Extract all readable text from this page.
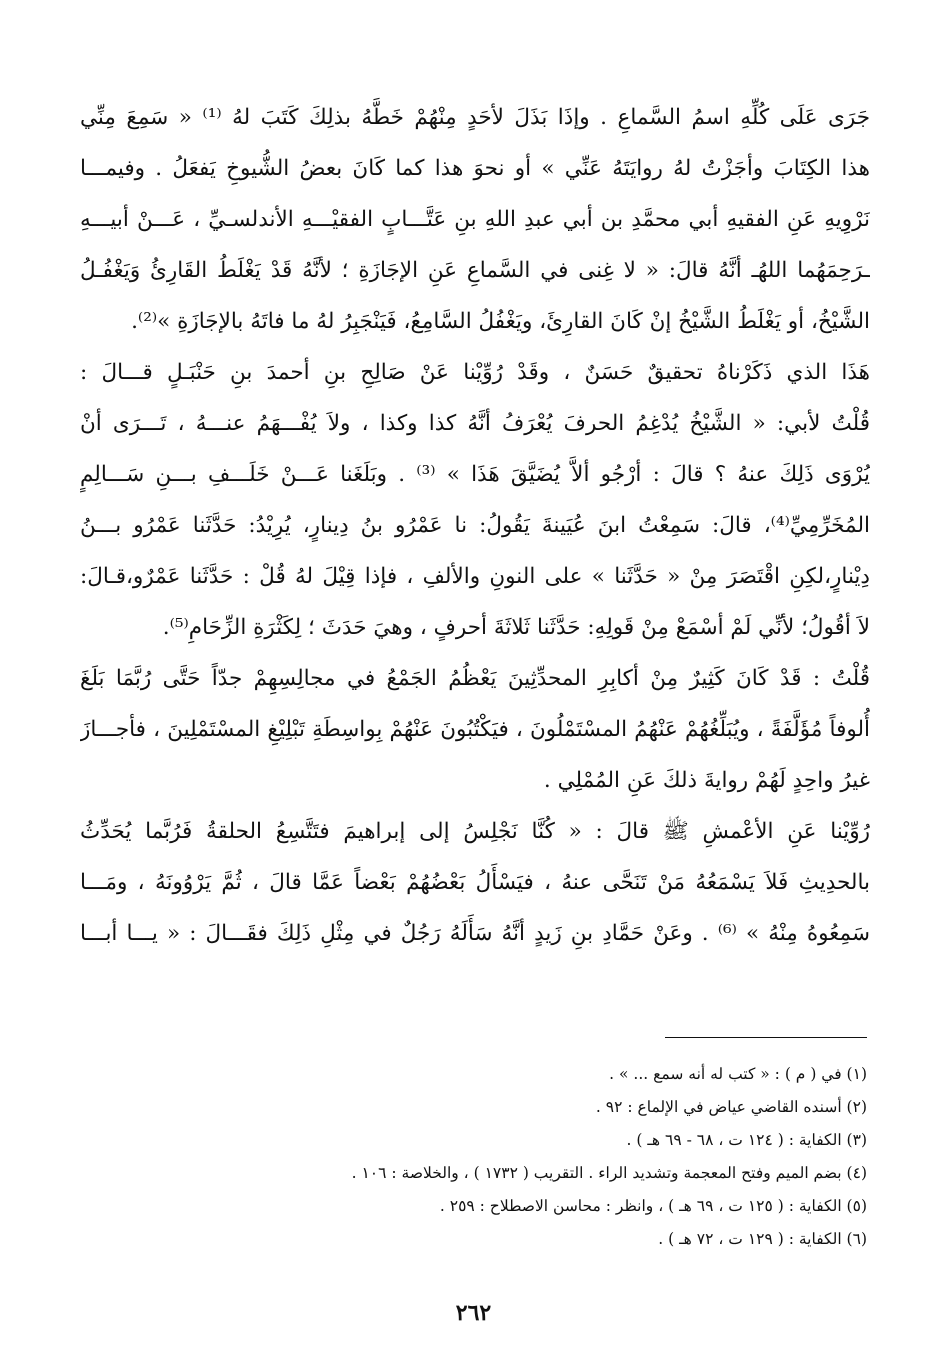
جَرَى عَلَى كُلِّهِ اسمُ السَّماعِ . وإذَا بَذَلَ لأحَدٍ مِنْهُمْ خَطَّهُ بذلِكَ كَتَبَ لهُ ⁽¹⁾ « سَمِعَ مِنِّي
هذا الكِتَابَ وأجَزْتُ لهُ روايَتَهُ عَنِّي » أو نحوَ هذا كما كَانَ بعضُ الشُّيوخِ يَفعَلُ . وفيمـــا
نَرْوِيهِ عَنِ الفقيهِ أبي محمَّدِ بن أبي عبدِ اللهِ بنِ عَتَّـــابٍ الفقيْـــهِ الأندلسـيِّ ، عَـــنْ أبيـــهِ
ـرَحِمَهُما اللهُـ أنَّهُ قالَ: « لا غِنى في السَّماعِ عَنِ الإجَازَةِ ؛ لأنَّهُ قَدْ يَغْلَطُ القَارِئُ وَيَغْفُـلُ
الشَّيْخُ، أو يَغْلَطُ الشَّيْخُ إنْ كَانَ القارِئَ، ويَغْفُلُ السَّامِعُ، فَيَنْجَبِرُ لهُ ما فاتَهُ بالإجَازَةِ »⁽²⁾.
هَذَا الذي ذَكَرْناهُ تحقيقٌ حَسَنٌ ، وقَدْ رُوِّيْنا عَنْ صَالِحِ بنِ أحمدَ بنِ حَنْبَـلٍ قـــالَ :
قُلْتُ لأبي: « الشَّيْخُ يُدْغِمُ الحرفَ يُعْرَفُ أنَّهُ كذا وكذا ، ولاَ يُفْـــهَمُ عنـــهُ ، تَـــرَى أنْ
يُرْوَى ذَلِكَ عنهُ ؟ قالَ : أرْجُو ألاَّ يُضَيَّقَ هَذَا » ⁽³⁾ . وبَلَغَنا عَـــنْ خَلَـــفِ بـــنِ سَـــالِمٍ
المُخَرِّمِيِّ⁽⁴⁾، قالَ: سَمِعْتُ ابنَ عُيَينةَ يَقُولُ: نا عَمْرُو بنُ دِينارٍ، يُرِيْدُ: حَدَّثَنا عَمْرُو بـــنُ
دِيْنارٍ،لكِنِ اقْتَصَرَ مِنْ « حَدَّثَنا » على النونِ والألفِ ، فإذا قِيْلَ لهُ قُلْ : حَدَّثَنا عَمْرٌو،قـالَ:
لاَ أقُولُ؛ لأنِّي لَمْ أسْمَعْ مِنْ قَولِهِ: حَدَّثَنا ثَلاثَةَ أحرفٍ ، وهيَ حَدَثَ ؛ لِكَثْرَةِ الزِّحَامِ⁽⁵⁾.
قُلْتُ : قَدْ كَانَ كَثِيرٌ مِنْ أكابِرِ المحدِّثِينَ يَعْظُمُ الجَمْعُ في مجالِسِهِمْ جدّاً حَتَّى رُبَّمَا بَلَغَ
أُلوفاً مُؤَلَّفَةً ، ويُبَلِّغُهُمْ عَنْهُمُ المسْتَمْلُونَ ، فيَكْتُبُونَ عَنْهُمْ بِواسِطَةِ تَبْلِيْغِ المسْتَمْلِينَ ، فأجـــازَ
غيرُ واحِدٍ لَهُمْ روايةَ ذلكَ عَنِ المُمْلِي .
رُوِّيْنا عَنِ الأعْمشِ ﷺ قالَ : « كُنَّا نَجْلِسُ إلى إبراهيمَ فتَتَّسِعُ الحلقةُ فَرُبَّما يُحَدِّثُ
بالحدِيثِ فَلاَ يَسْمَعُهُ مَنْ تَنَحَّى عنهُ ، فيَسْأَلُ بَعْضُهُمْ بَعْضاً عَمَّا قالَ ، ثُمَّ يَرْوُونَهُ ، ومَـــا
سَمِعُوهُ مِنْهُ » ⁽⁶⁾ . وعَنْ حَمَّادِ بنِ زَيدٍ أنَّهُ سَأَلَهُ رَجُلٌ في مِثْلِ ذَلِكَ فقَـــالَ : « يـــا أبـــا
(١) في ( م ) : « كتب له أنه سمع ... » .
(٢) أسنده القاضي عياض في الإلماع : ٩٢ .
(٣) الكفاية : ( ١٢٤ ت ، ٦٨ - ٦٩ هـ ) .
(٤) بضم الميم وفتح المعجمة وتشديد الراء . التقريب ( ١٧٣٢ ) ، والخلاصة : ١٠٦ .
(٥) الكفاية : ( ١٢٥ ت ، ٦٩ هـ ) ، وانظر : محاسن الاصطلاح : ٢٥٩ .
(٦) الكفاية : ( ١٢٩ ت ، ٧٢ هـ ) .
٢٦٢
